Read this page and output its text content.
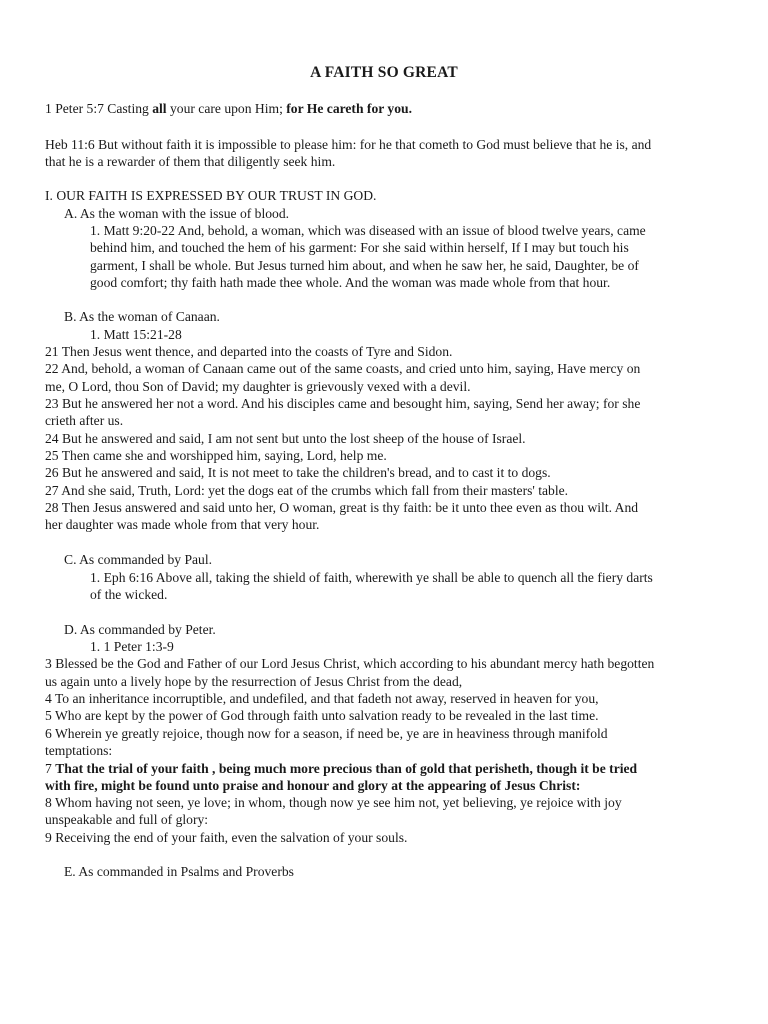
A FAITH SO GREAT
1 Peter 5:7 Casting all your care upon Him; for He careth for you.
Heb 11:6 But without faith it is impossible to please him: for he that cometh to God must believe that he is, and
that he is a rewarder of them that diligently seek him.
I. OUR FAITH IS EXPRESSED BY OUR TRUST IN GOD.
A. As the woman with the issue of blood.
1. Matt 9:20-22 And, behold, a woman, which was diseased with an issue of blood twelve years, came
behind him, and touched the hem of his garment: For she said within herself, If I may but touch his
garment, I shall be whole. But Jesus turned him about, and when he saw her, he said, Daughter, be of
good comfort; thy faith hath made thee whole. And the woman was made whole from that hour.
B. As the woman of Canaan.
1. Matt 15:21-28
21 Then Jesus went thence, and departed into the coasts of Tyre and Sidon.
22 And, behold, a woman of Canaan came out of the same coasts, and cried unto him, saying, Have mercy on
me, O Lord, thou Son of David; my daughter is grievously vexed with a devil.
23 But he answered her not a word. And his disciples came and besought him, saying, Send her away; for she
crieth after us.
24 But he answered and said, I am not sent but unto the lost sheep of the house of Israel.
25 Then came she and worshipped him, saying, Lord, help me.
26 But he answered and said, It is not meet to take the children's bread, and to cast it to dogs.
27 And she said, Truth, Lord: yet the dogs eat of the crumbs which fall from their masters' table.
28 Then Jesus answered and said unto her, O woman, great is thy faith: be it unto thee even as thou wilt. And
her daughter was made whole from that very hour.
C. As commanded by Paul.
1. Eph 6:16 Above all, taking the shield of faith, wherewith ye shall be able to quench all the fiery darts
of the wicked.
D. As commanded by Peter.
1. 1 Peter 1:3-9
3 Blessed be the God and Father of our Lord Jesus Christ, which according to his abundant mercy hath begotten
us again unto a lively hope by the resurrection of Jesus Christ from the dead,
4 To an inheritance incorruptible, and undefiled, and that fadeth not away, reserved in heaven for you,
5 Who are kept by the power of God through faith unto salvation ready to be revealed in the last time.
6 Wherein ye greatly rejoice, though now for a season, if need be, ye are in heaviness through manifold
temptations:
7 That the trial of your faith , being much more precious than of gold that perisheth, though it be tried
with fire, might be found unto praise and honour and glory at the appearing of Jesus Christ:
8 Whom having not seen, ye love; in whom, though now ye see him not, yet believing, ye rejoice with joy
unspeakable and full of glory:
9 Receiving the end of your faith, even the salvation of your souls.
E. As commanded in Psalms and Proverbs
